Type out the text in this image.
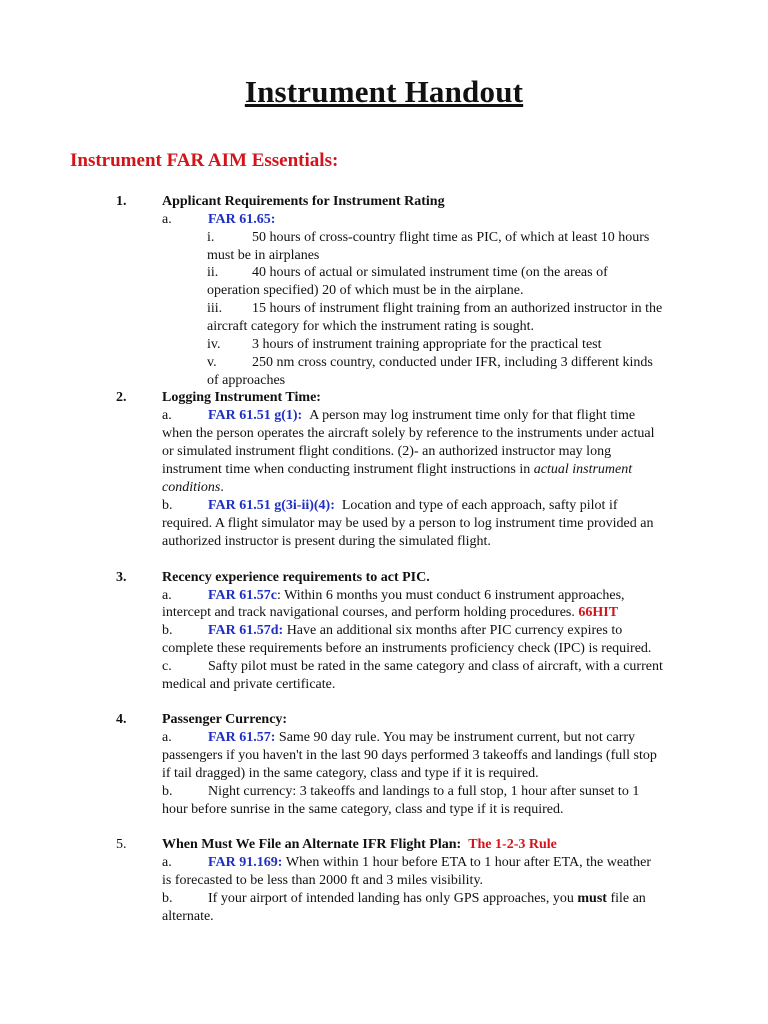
Instrument Handout
Instrument FAR AIM Essentials:
1.	Applicant Requirements for Instrument Rating
a.	FAR 61.65:
i.	50 hours of cross-country flight time as PIC, of which at least 10 hours
must be in airplanes
ii. 40 hours of actual or simulated instrument time (on the areas of
operation specified) 20 of which must be in the airplane.
iii. 15 hours of instrument flight training from an authorized instructor in the
aircraft category for which the instrument rating is sought.
iv. 3 hours of instrument training appropriate for the practical test
v.	250 nm cross country, conducted under IFR, including 3 different kinds
of approaches
2.	Logging Instrument Time:
a.	FAR 61.51 g(1): A person may log instrument time only for that flight time
when the person operates the aircraft solely by reference to the instruments under actual
or simulated instrument flight conditions. (2)- an authorized instructor may long
instrument time when conducting instrument flight instructions in actual instrument
conditions.
b.	FAR 61.51 g(3i-ii)(4): Location and type of each approach, safty pilot if
required. A flight simulator may be used by a person to log instrument time provided an
authorized instructor is present during the simulated flight.
3.	Recency experience requirements to act PIC.
a.	FAR 61.57c: Within 6 months you must conduct 6 instrument approaches,
intercept and track navigational courses, and perform holding procedures. 66HIT
b.	FAR 61.57d: Have an additional six months after PIC currency expires to
complete these requirements before an instruments proficiency check (IPC) is required.
c.	Safty pilot must be rated in the same category and class of aircraft, with a current
medical and private certificate.
4.	Passenger Currency:
a.	FAR 61.57: Same 90 day rule. You may be instrument current, but not carry
passengers if you haven't in the last 90 days performed 3 takeoffs and landings (full stop
if tail dragged) in the same category, class and type if it is required.
b.	Night currency: 3 takeoffs and landings to a full stop, 1 hour after sunset to 1
hour before sunrise in the same category, class and type if it is required.
5.	When Must We File an Alternate IFR Flight Plan: The 1-2-3 Rule
a.	FAR 91.169: When within 1 hour before ETA to 1 hour after ETA, the weather
is forecasted to be less than 2000 ft and 3 miles visibility.
b.	If your airport of intended landing has only GPS approaches, you must file an
alternate.
